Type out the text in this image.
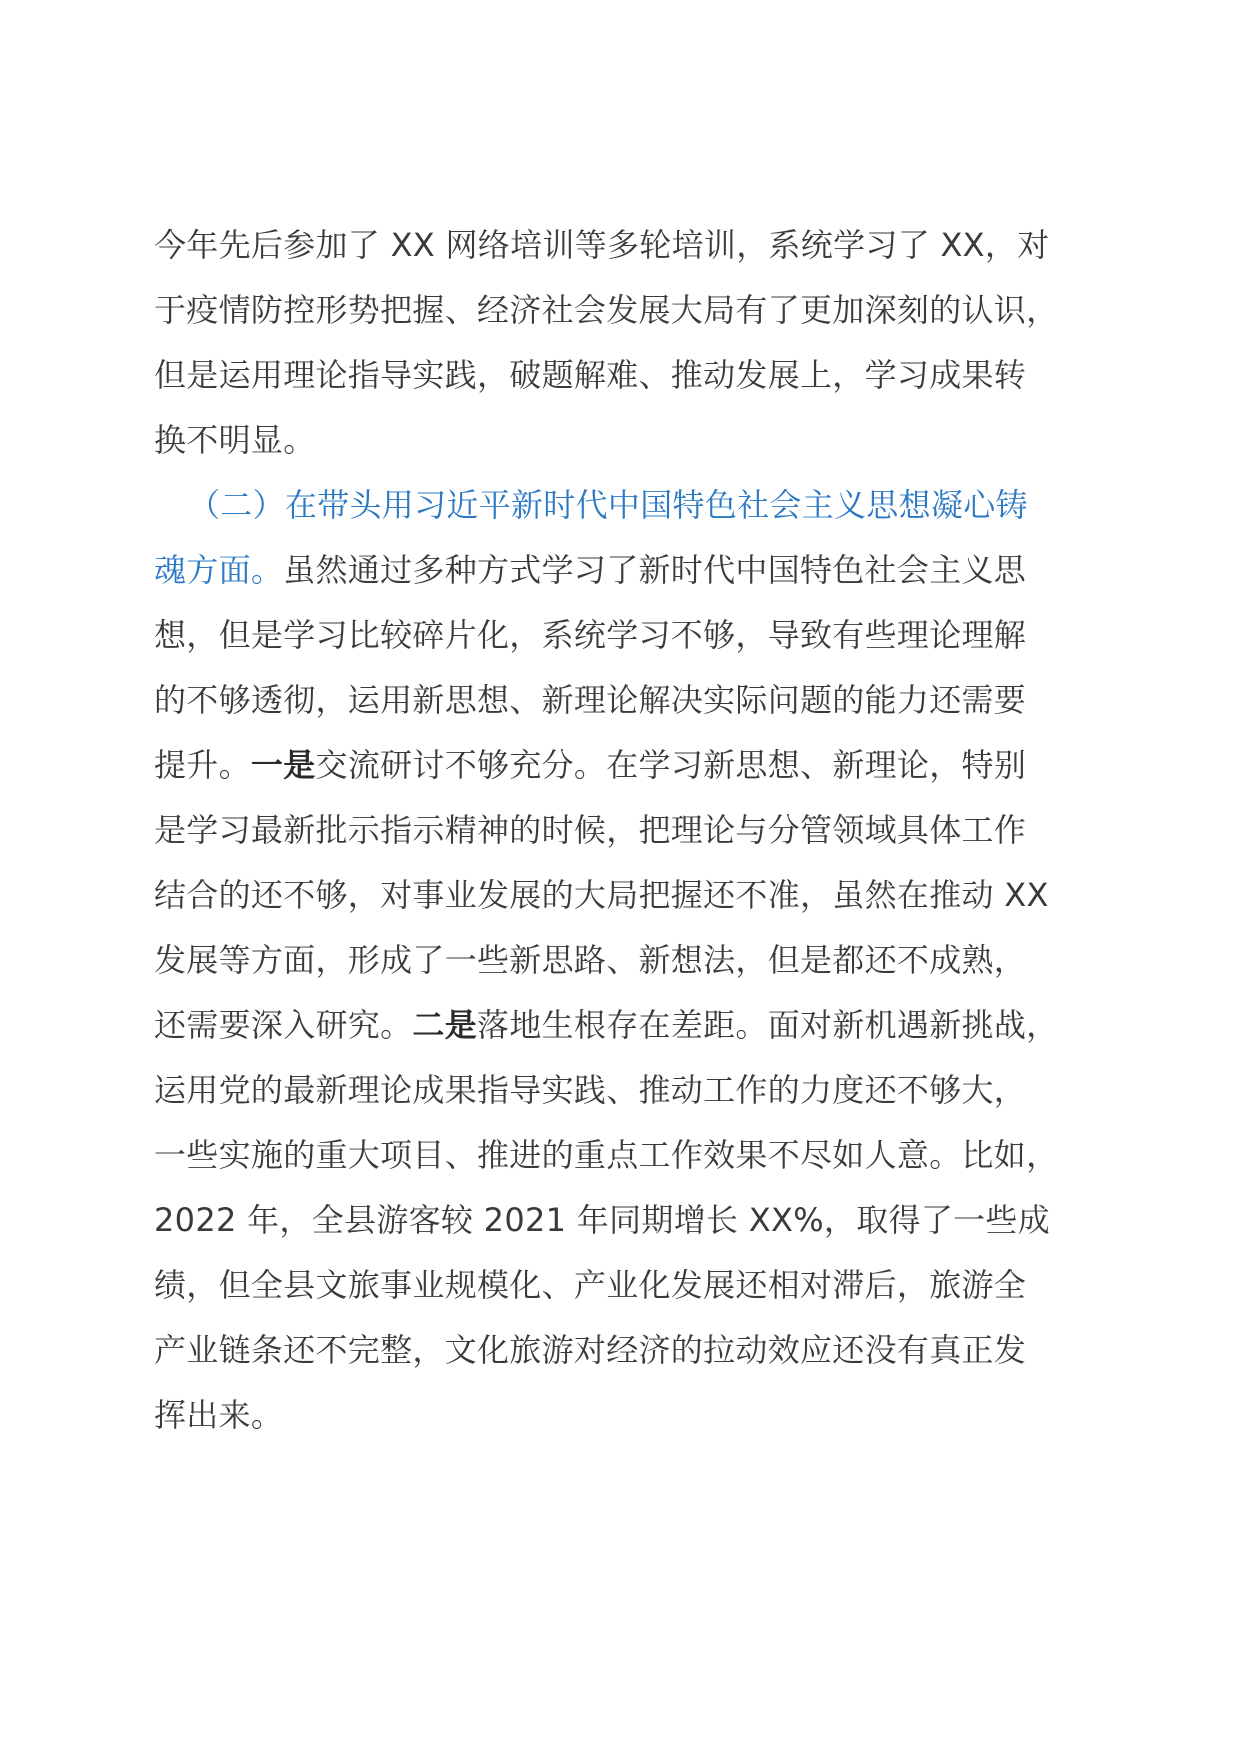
今年先后参加了 XX 网络培训等多轮培训，系统学习了 XX，对
于疫情防控形势把握、经济社会发展大局有了更加深刻的认识，
但是运用理论指导实践，破题解难、推动发展上，学习成果转
换不明显。

（二）在带头用习近平新时代中国特色社会主义思想凝心铸
魂方面。虽然通过多种方式学习了新时代中国特色社会主义思
想，但是学习比较碎片化，系统学习不够，导致有些理论理解
的不够透彻，运用新思想、新理论解决实际问题的能力还需要
提升。一是交流研讨不够充分。在学习新思想、新理论，特别
是学习最新批示指示精神的时候，把理论与分管领域具体工作
结合的还不够，对事业发展的大局把握还不准，虽然在推动 XX
发展等方面，形成了一些新思路、新想法，但是都还不成熟，
还需要深入研究。二是落地生根存在差距。面对新机遇新挑战，
运用党的最新理论成果指导实践、推动工作的力度还不够大，
一些实施的重大项目、推进的重点工作效果不尽如人意。比如，
2022 年，全县游客较 2021 年同期增长 XX%，取得了一些成
绩，但全县文旅事业规模化、产业化发展还相对滞后，旅游全
产业链条还不完整，文化旅游对经济的拉动效应还没有真正发
挥出来。
